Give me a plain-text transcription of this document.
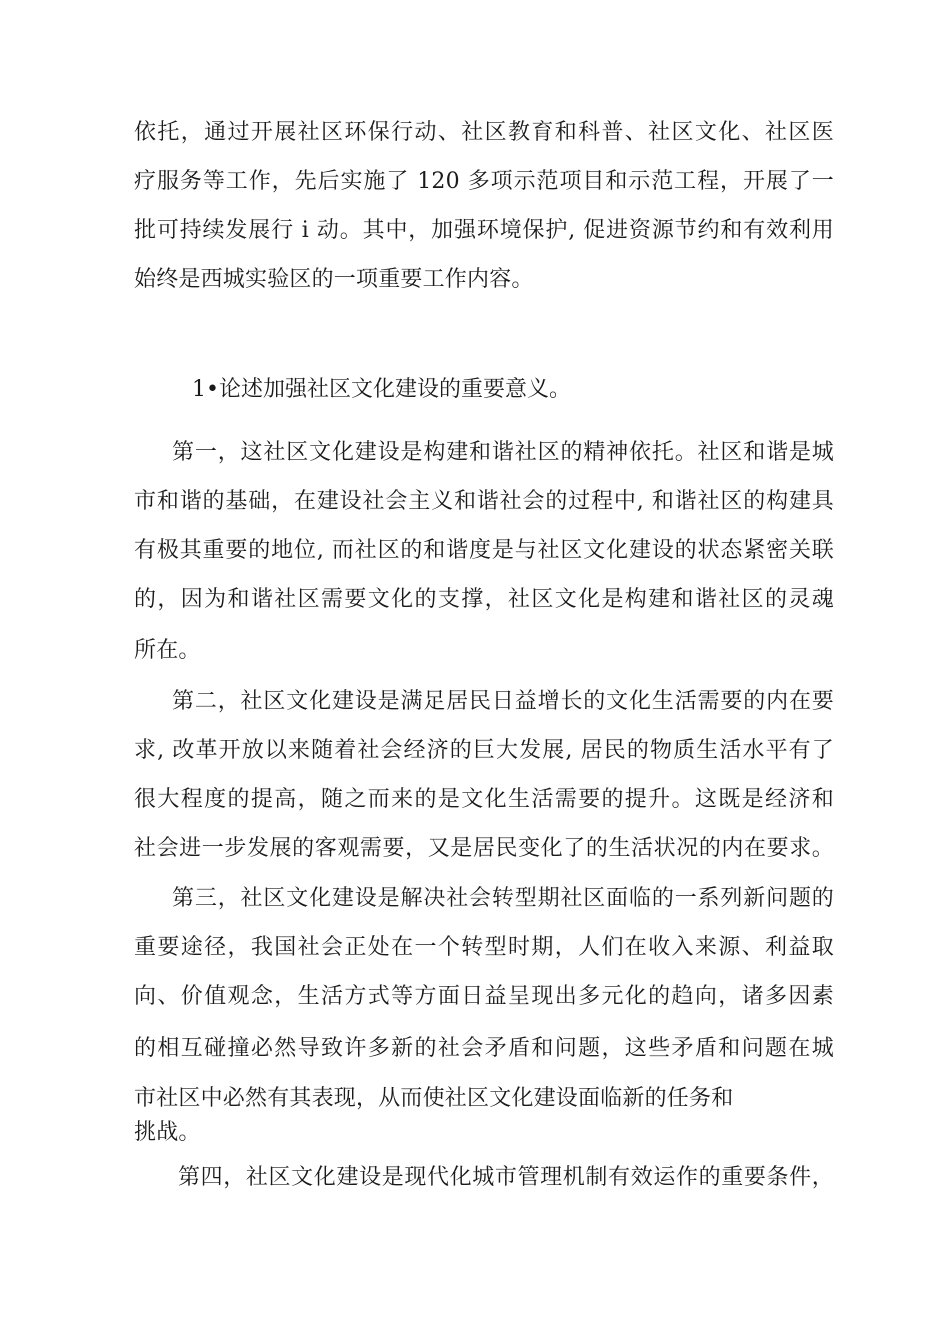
依托，通过开展社区环保行动、社区教育和科普、社区文化、社区医
疗服务等工作，先后实施了 120 多项示范项目和示范工程，开展了一
批可持续发展行 i 动。其中，加强环境保护, 促进资源节约和有效利用
始终是西城实验区的一项重要工作内容。
1•论述加强社区文化建设的重要意义。
第一，这社区文化建设是构建和谐社区的精神依托。社区和谐是城
市和谐的基础，在建设社会主义和谐社会的过程中, 和谐社区的构建具
有极其重要的地位, 而社区的和谐度是与社区文化建设的状态紧密关联
的，因为和谐社区需要文化的支撑，社区文化是构建和谐社区的灵魂
所在。
第二，社区文化建设是满足居民日益增长的文化生活需要的内在要
求, 改革开放以来随着社会经济的巨大发展, 居民的物质生活水平有了
很大程度的提高，随之而来的是文化生活需要的提升。这既是经济和
社会进一步发展的客观需要，又是居民变化了的生活状况的内在要求。
第三，社区文化建设是解决社会转型期社区面临的一系列新问题的
重要途径，我国社会正处在一个转型时期，人们在收入来源、利益取
向、价值观念，生活方式等方面日益呈现出多元化的趋向，诸多因素
的相互碰撞必然导致许多新的社会矛盾和问题，这些矛盾和问题在城
市社区中必然有其表现，从而使社区文化建设面临新的任务和
挑战。
第四，社区文化建设是现代化城市管理机制有效运作的重要条件，
